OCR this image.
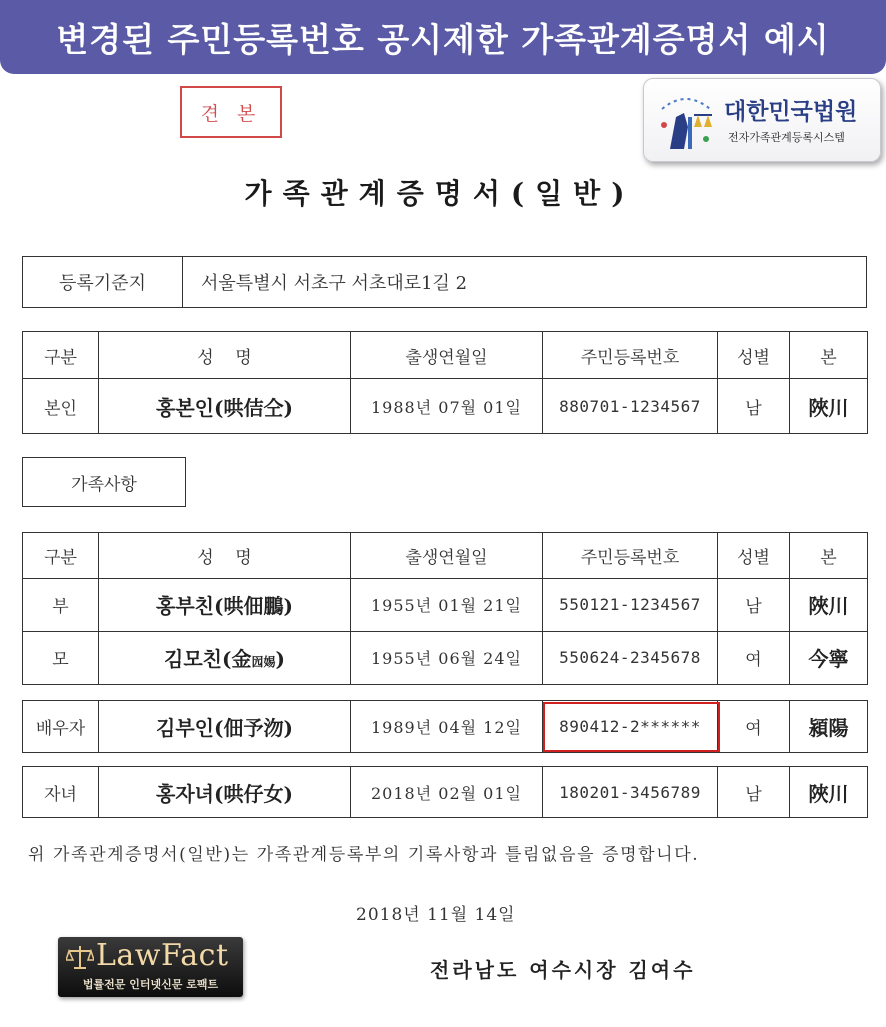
변경된 주민등록번호 공시제한 가족관계증명서 예시
견 본	대한민국법원
전자가족관계등록시스템
가족관계증명서(일반)
등록기준지	서울특별시 서초구 서초대로1길 2
구분	성    명	출생연월일	주민등록번호	성별	본
본인	홍본인(哄佶仝)	1988년 07월 01일	880701-1234567	남	陜川
가족사항
구분	성    명	출생연월일	주민등록번호	성별	본
부	홍부친(哄佃鵬)	1955년 01월 21일	550121-1234567	남	陜川
모	김모친(金囥㛫)	1955년 06월 24일	550624-2345678	여	今寧
배우자	김부인(佃予沕)	1989년 04월 12일	890412-2******	여	潁陽
자녀	홍자녀(哄仔女)	2018년 02월 01일	180201-3456789	남	陜川
위 가족관계증명서(일반)는 가족관계등록부의 기록사항과 틀림없음을 증명합니다.
2018년 11월 14일
전라남도 여수시장 김여수
LawFact
법률전문 인터넷신문 로팩트
